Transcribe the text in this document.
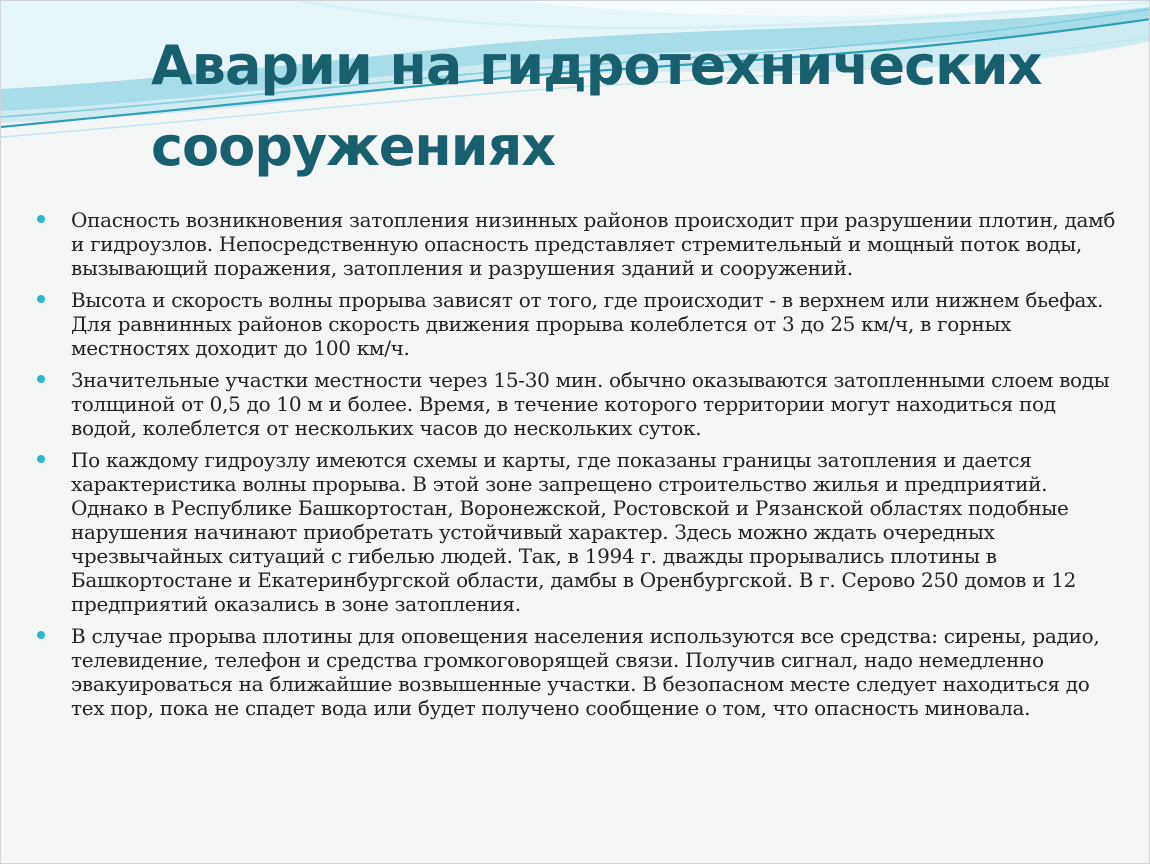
Аварии на гидротехнических сооружениях
Опасность возникновения затопления низинных районов происходит при разрушении плотин, дамб и гидроузлов. Непосредственную опасность представляет стремительный и мощный поток воды, вызывающий поражения, затопления и разрушения зданий и сооружений.
Высота и скорость волны прорыва зависят от того, где происходит - в верхнем или нижнем бьефах. Для равнинных районов скорость движения прорыва колеблется от 3 до 25 км/ч, в горных местностях доходит до 100 км/ч.
Значительные участки местности через 15-30 мин. обычно оказываются затопленными слоем воды толщиной от 0,5 до 10 м и более. Время, в течение которого территории могут находиться под водой, колеблется от нескольких часов до нескольких суток.
По каждому гидроузлу имеются схемы и карты, где показаны границы затопления и дается характеристика волны прорыва. В этой зоне запрещено строительство жилья и предприятий. Однако в Республике Башкортостан, Воронежской, Ростовской и Рязанской областях подобные нарушения начинают приобретать устойчивый характер. Здесь можно ждать очередных чрезвычайных ситуаций с гибелью людей. Так, в 1994 г. дважды прорывались плотины в Башкортостане и Екатеринбургской области, дамбы в Оренбургской. В г. Серово 250 домов и 12 предприятий оказались в зоне затопления.
В случае прорыва плотины для оповещения населения используются все средства: сирены, радио, телевидение, телефон и средства громкоговорящей связи. Получив сигнал, надо немедленно эвакуироваться на ближайшие возвышенные участки. В безопасном месте следует находиться до тех пор, пока не спадет вода или будет получено сообщение о том, что опасность миновала.
